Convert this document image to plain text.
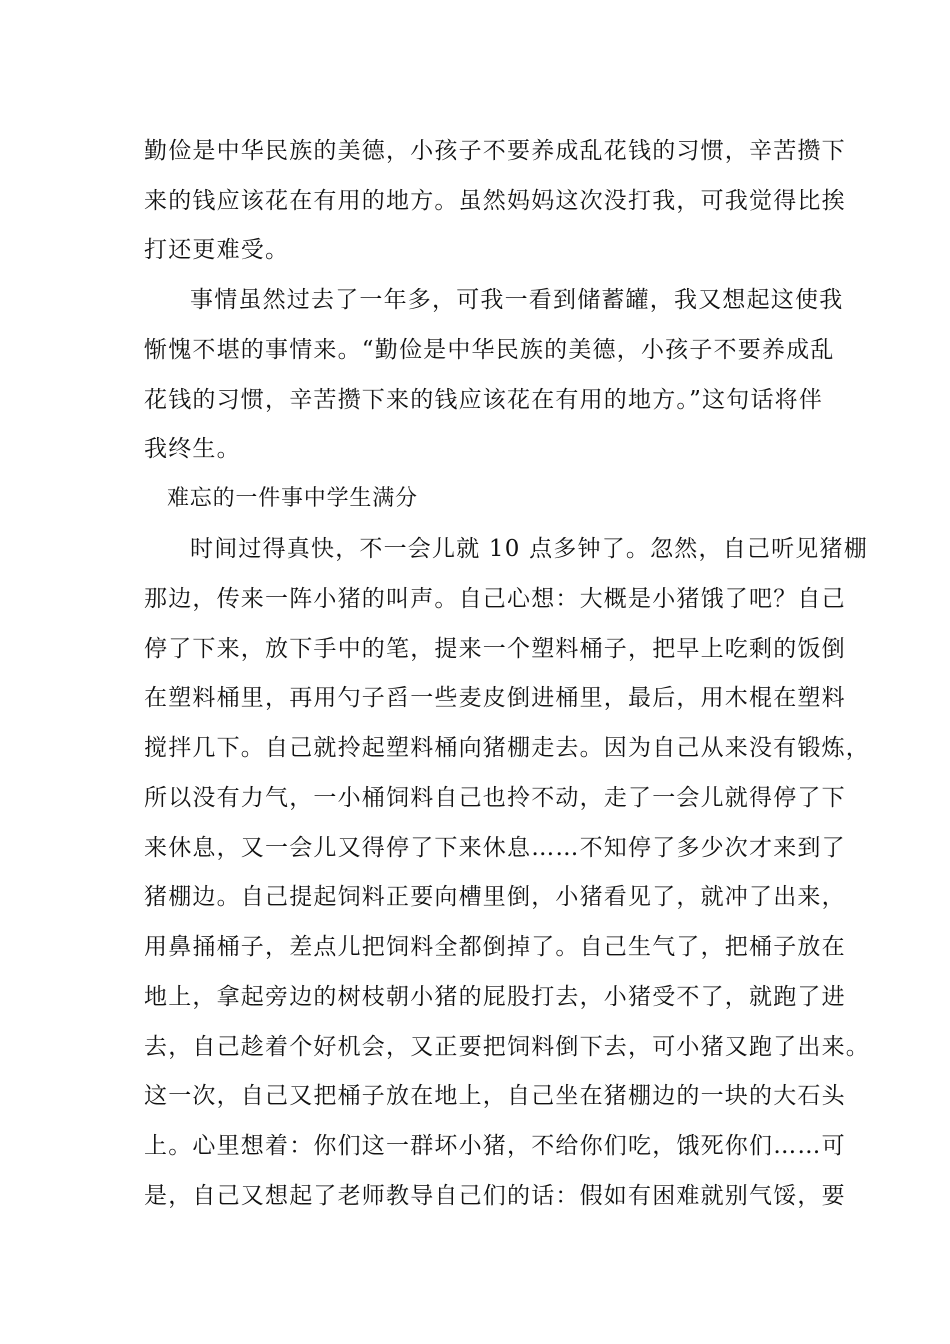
勤俭是中华民族的美德，小孩子不要养成乱花钱的习惯，辛苦攒下
来的钱应该花在有用的地方。虽然妈妈这次没打我，可我觉得比挨
打还更难受。
事情虽然过去了一年多，可我一看到储蓄罐，我又想起这使我
惭愧不堪的事情来。“勤俭是中华民族的美德，小孩子不要养成乱
花钱的习惯，辛苦攒下来的钱应该花在有用的地方。”这句话将伴
我终生。
难忘的一件事中学生满分
时间过得真快，不一会儿就 10 点多钟了。忽然，自己听见猪棚
那边，传来一阵小猪的叫声。自己心想：大概是小猪饿了吧？自己
停了下来，放下手中的笔，提来一个塑料桶子，把早上吃剩的饭倒
在塑料桶里，再用勺子舀一些麦皮倒进桶里，最后，用木棍在塑料
搅拌几下。自己就拎起塑料桶向猪棚走去。因为自己从来没有锻炼，
所以没有力气，一小桶饲料自己也拎不动，走了一会儿就得停了下
来休息，又一会儿又得停了下来休息……不知停了多少次才来到了
猪棚边。自己提起饲料正要向槽里倒，小猪看见了，就冲了出来，
用鼻捅桶子，差点儿把饲料全都倒掉了。自己生气了，把桶子放在
地上，拿起旁边的树枝朝小猪的屁股打去，小猪受不了，就跑了进
去，自己趁着个好机会，又正要把饲料倒下去，可小猪又跑了出来。
这一次，自己又把桶子放在地上，自己坐在猪棚边的一块的大石头
上。心里想着：你们这一群坏小猪，不给你们吃，饿死你们……可
是，自己又想起了老师教导自己们的话：假如有困难就别气馁，要
